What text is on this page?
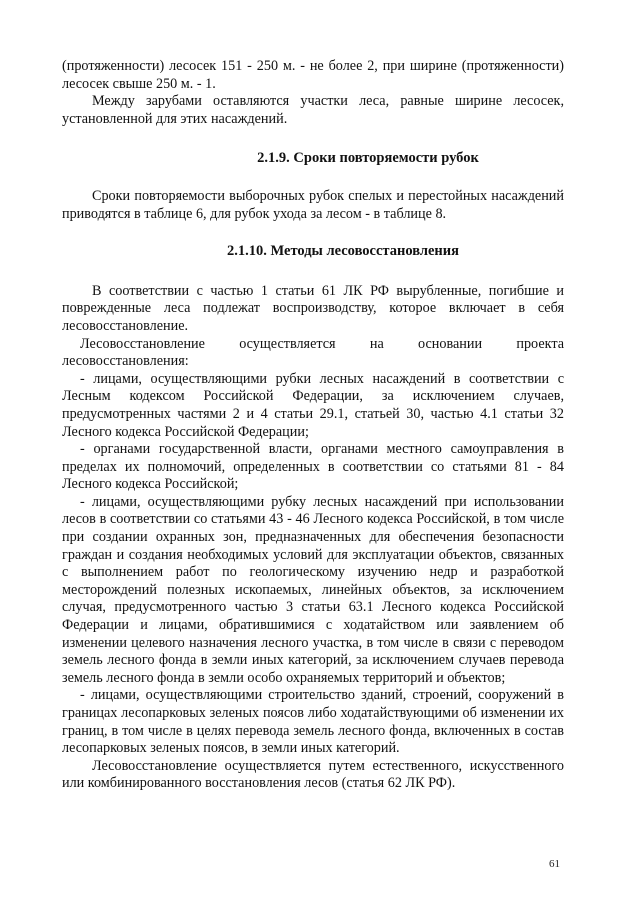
(протяженности) лесосек 151 - 250 м. - не более 2, при ширине (протяженности) лесосек свыше 250 м. - 1.

Между зарубами оставляются участки леса, равные ширине лесосек, установленной для этих насаждений.

2.1.9. Сроки повторяемости рубок

Сроки повторяемости выборочных рубок спелых и перестойных насаждений приводятся в таблице 6, для рубок ухода за лесом - в таблице 8.

2.1.10. Методы лесовосстановления

В соответствии с частью 1 статьи 61 ЛК РФ вырубленные, погибшие и поврежденные леса подлежат воспроизводству, которое включает в себя лесовосстановление.

Лесовосстановление осуществляется на основании проекта лесовосстановления:

- лицами, осуществляющими рубки лесных насаждений в соответствии с Лесным кодексом Российской Федерации, за исключением случаев, предусмотренных частями 2 и 4 статьи 29.1, статьей 30, частью 4.1 статьи 32 Лесного кодекса Российской Федерации;

- органами государственной власти, органами местного самоуправления в пределах их полномочий, определенных в соответствии со статьями 81 - 84 Лесного кодекса Российской;

- лицами, осуществляющими рубку лесных насаждений при использовании лесов в соответствии со статьями 43 - 46 Лесного кодекса Российской, в том числе при создании охранных зон, предназначенных для обеспечения безопасности граждан и создания необходимых условий для эксплуатации объектов, связанных с выполнением работ по геологическому изучению недр и разработкой месторождений полезных ископаемых, линейных объектов, за исключением случая, предусмотренного частью 3 статьи 63.1 Лесного кодекса Российской Федерации и лицами, обратившимися с ходатайством или заявлением об изменении целевого назначения лесного участка, в том числе в связи с переводом земель лесного фонда в земли иных категорий, за исключением случаев перевода земель лесного фонда в земли особо охраняемых территорий и объектов;

- лицами, осуществляющими строительство зданий, строений, сооружений в границах лесопарковых зеленых поясов либо ходатайствующими об изменении их границ, в том числе в целях перевода земель лесного фонда, включенных в состав лесопарковых зеленых поясов, в земли иных категорий.

Лесовосстановление осуществляется путем естественного, искусственного или комбинированного восстановления лесов (статья 62 ЛК РФ).

61
